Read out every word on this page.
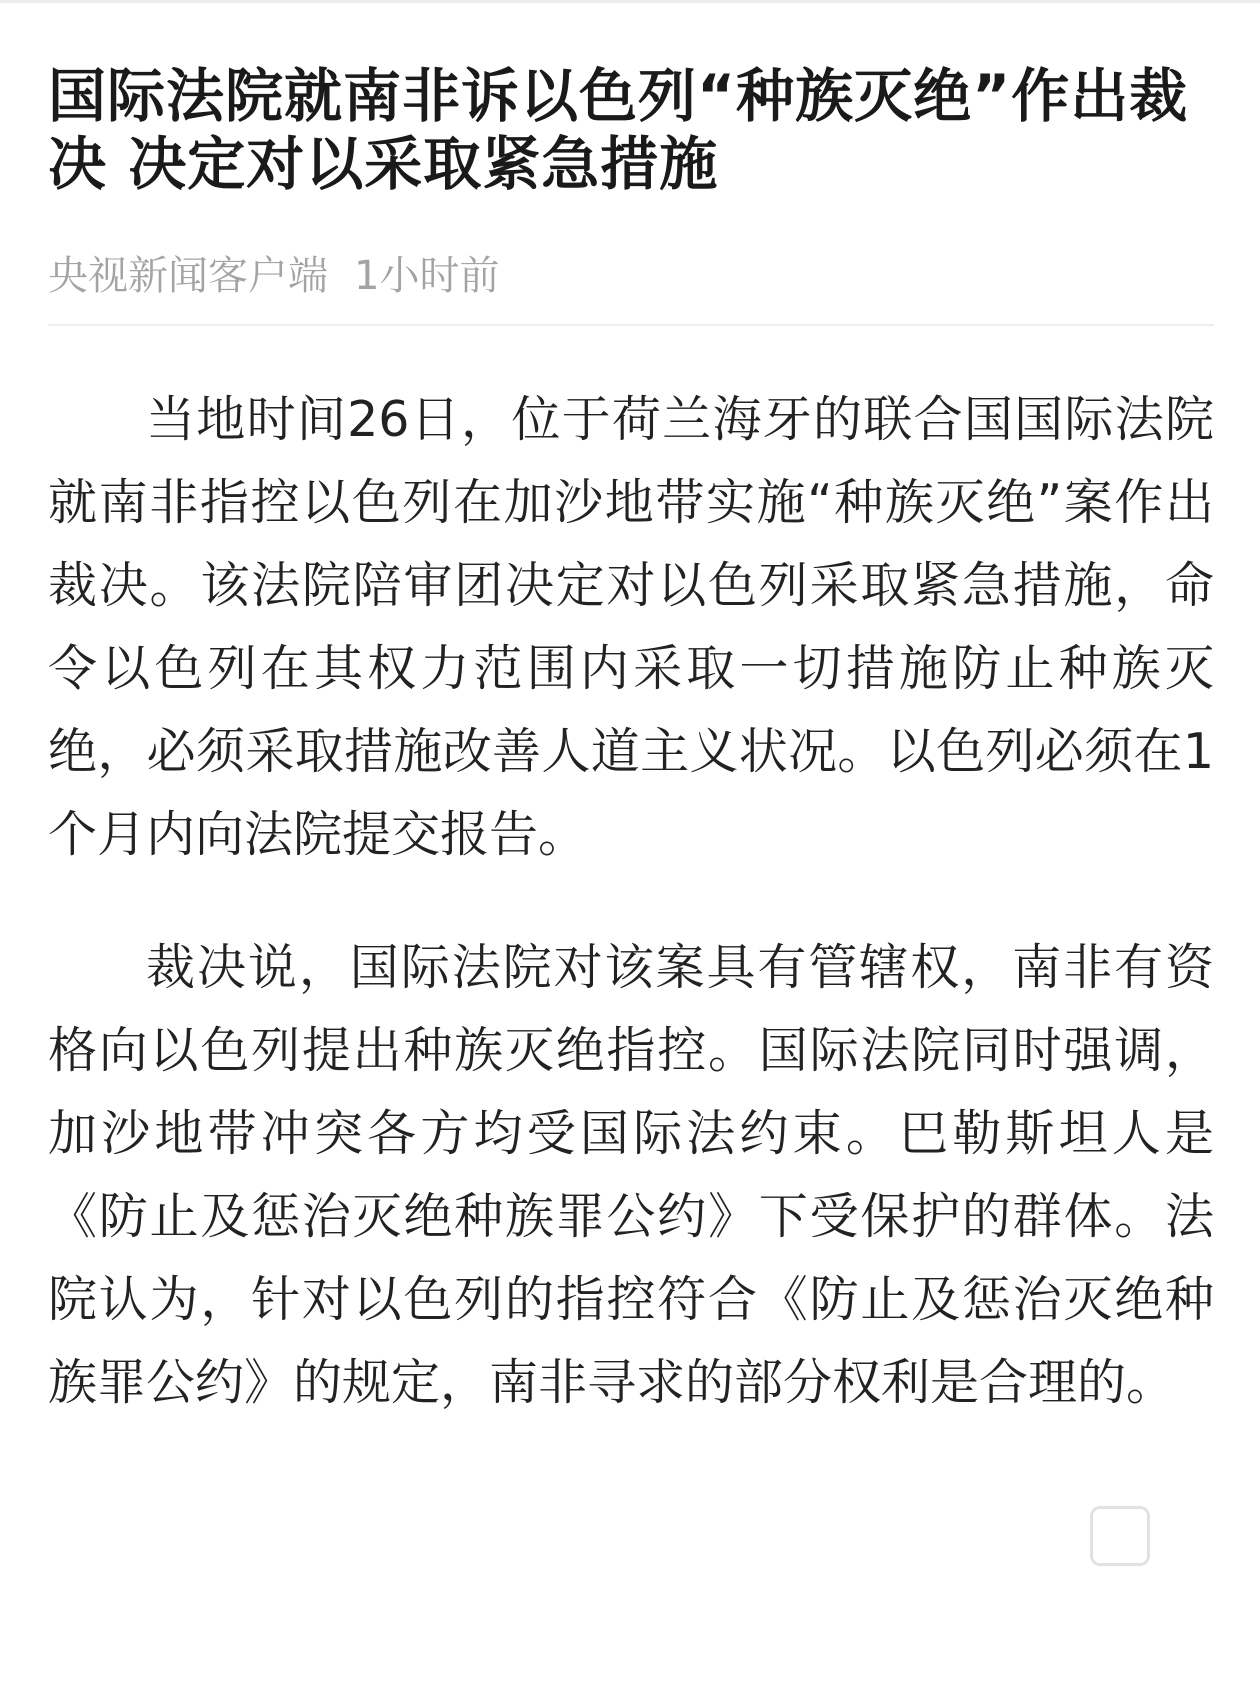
国际法院就南非诉以色列“种族灭绝”作出裁决 决定对以采取紧急措施
央视新闻客户端 1小时前

当地时间26日，位于荷兰海牙的联合国国际法院就南非指控以色列在加沙地带实施“种族灭绝”案作出裁决。该法院陪审团决定对以色列采取紧急措施，命令以色列在其权力范围内采取一切措施防止种族灭绝，必须采取措施改善人道主义状况。以色列必须在1个月内向法院提交报告。

裁决说，国际法院对该案具有管辖权，南非有资格向以色列提出种族灭绝指控。国际法院同时强调，加沙地带冲突各方均受国际法约束。巴勒斯坦人是《防止及惩治灭绝种族罪公约》下受保护的群体。法院认为，针对以色列的指控符合《防止及惩治灭绝种族罪公约》的规定，南非寻求的部分权利是合理的。
